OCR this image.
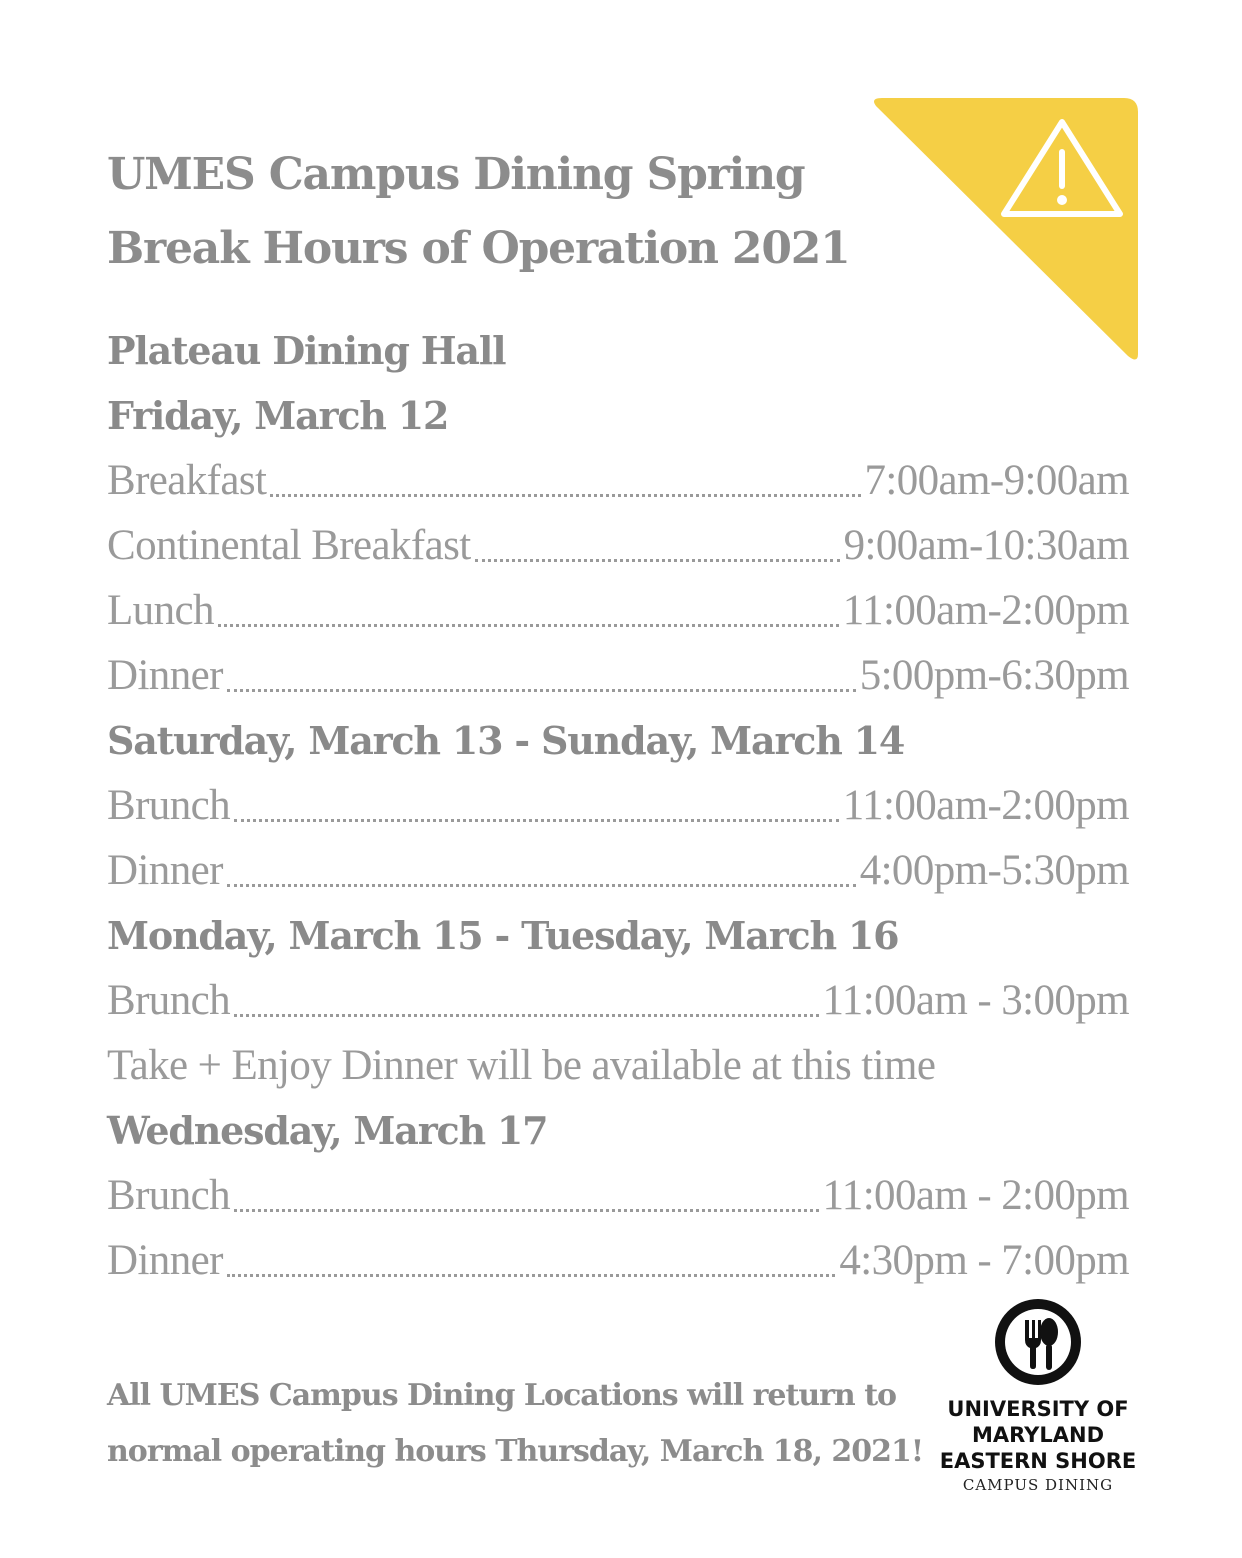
UMES Campus Dining Spring
Break Hours of Operation 2021
Plateau Dining Hall
Friday, March 12
Breakfast	7:00am-9:00am
Continental Breakfast	9:00am-10:30am
Lunch	11:00am-2:00pm
Dinner	5:00pm-6:30pm
Saturday, March 13 - Sunday, March 14
Brunch	11:00am-2:00pm
Dinner	4:00pm-5:30pm
Monday, March 15 - Tuesday, March 16
Brunch	11:00am - 3:00pm
Take + Enjoy Dinner will be available at this time
Wednesday, March 17
Brunch	11:00am - 2:00pm
Dinner	4:30pm - 7:00pm

All UMES Campus Dining Locations will return to
normal operating hours Thursday, March 18, 2021!

UNIVERSITY OF
MARYLAND
EASTERN SHORE
CAMPUS DINING
